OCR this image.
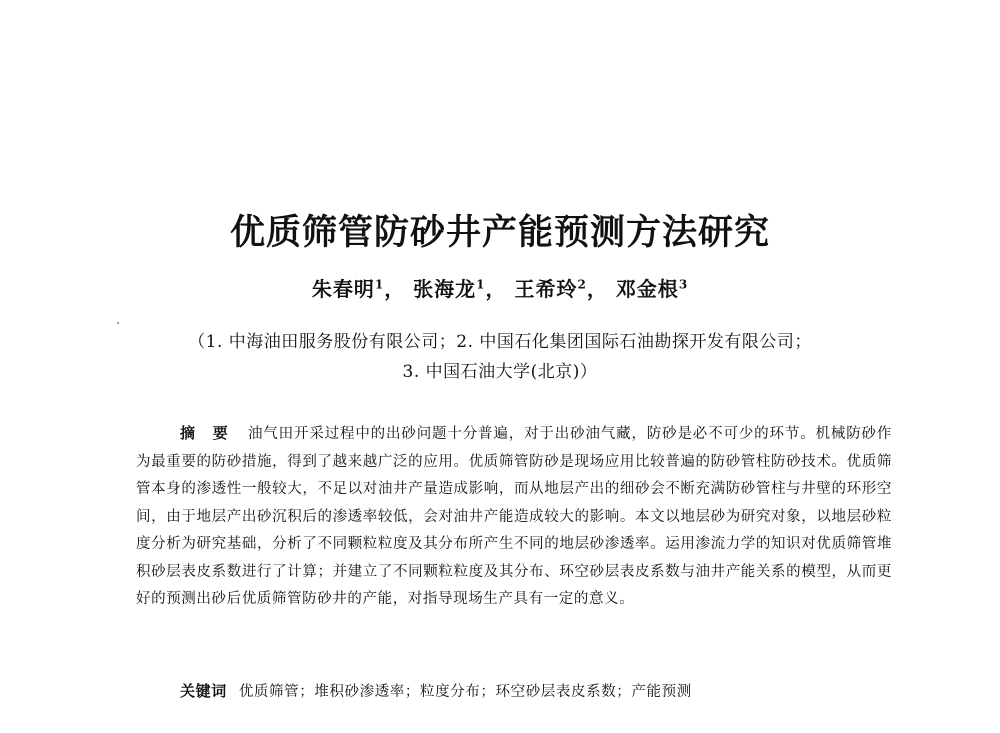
优质筛管防砂井产能预测方法研究
朱春明$^1$， 张海龙$^1$， 王希玲$^2$， 邓金根$^3$
（1. 中海油田服务股份有限公司；2. 中国石化集团国际石油勘探开发有限公司；
3. 中国石油大学(北京)）

摘 要 油气田开采过程中的出砂问题十分普遍，对于出砂油气藏，防砂是必不可少的环节。机械防砂作为最重要的防砂措施，得到了越来越广泛的应用。优质筛管防砂是现场应用比较普遍的防砂管柱防砂技术。优质筛管本身的渗透性一般较大，不足以对油井产量造成影响，而从地层产出的细砂会不断充满防砂管柱与井壁的环形空间，由于地层产出砂沉积后的渗透率较低，会对油井产能造成较大的影响。本文以地层砂为研究对象，以地层砂粒度分析为研究基础，分析了不同颗粒粒度及其分布所产生不同的地层砂渗透率。运用渗流力学的知识对优质筛管堆积砂层表皮系数进行了计算；并建立了不同颗粒粒度及其分布、环空砂层表皮系数与油井产能关系的模型，从而更好的预测出砂后优质筛管防砂井的产能，对指导现场生产具有一定的意义。

关键词 优质筛管；堆积砂渗透率；粒度分布；环空砂层表皮系数；产能预测
